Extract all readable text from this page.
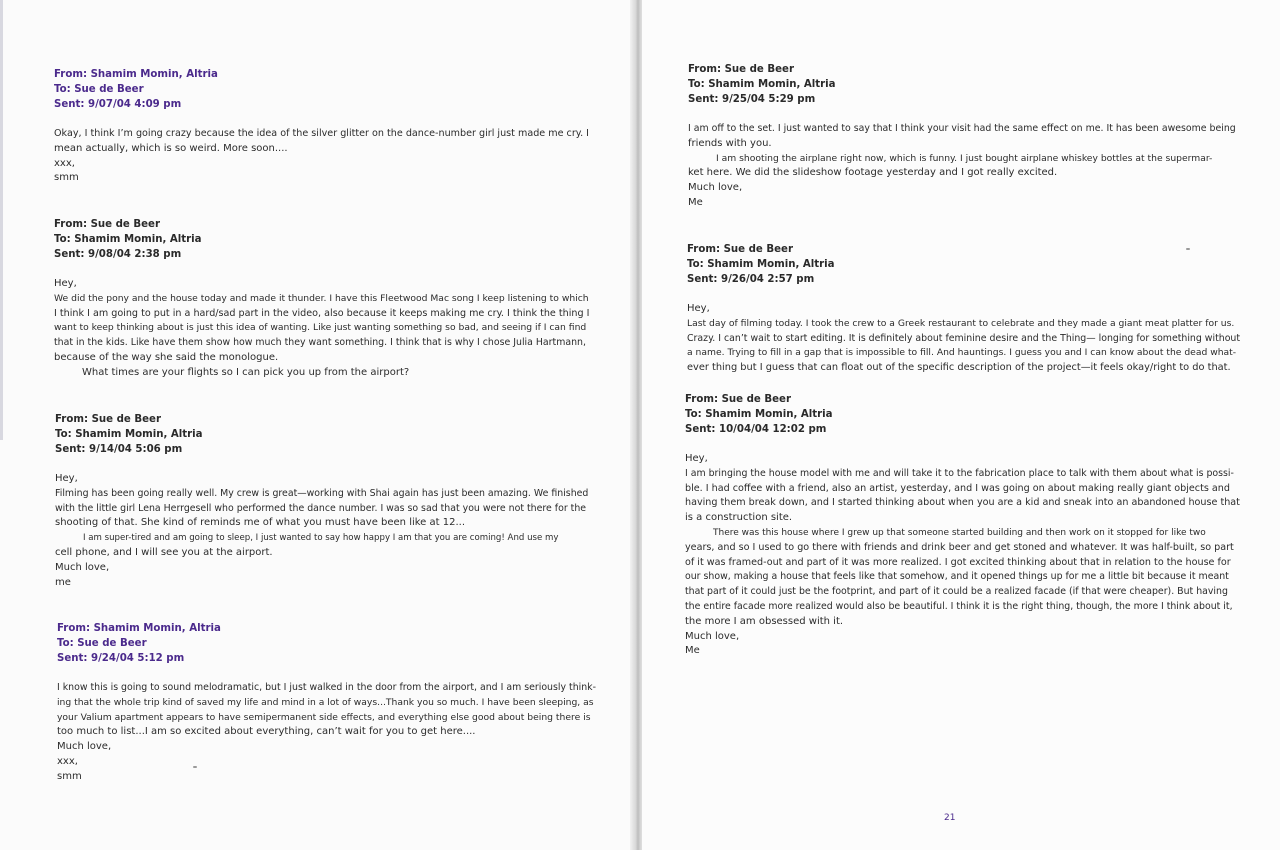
From: Shamim Momin, Altria
To: Sue de Beer
Sent: 9/07/04 4:09 pm

Okay, I think I’m going crazy because the idea of the silver glitter on the dance-number girl just made me cry. I

mean actually, which is so weird. More soon....

xxx,

smm

From: Sue de Beer
To: Shamim Momin, Altria
Sent: 9/08/04 2:38 pm

Hey,

We did the pony and the house today and made it thunder. I have this Fleetwood Mac song I keep listening to which

I think I am going to put in a hard/sad part in the video, also because it keeps making me cry. I think the thing I

want to keep thinking about is just this idea of wanting. Like just wanting something so bad, and seeing if I can find

that in the kids. Like have them show how much they want something. I think that is why I chose Julia Hartmann,

because of the way she said the monologue.

What times are your flights so I can pick you up from the airport?

From: Sue de Beer
To: Shamim Momin, Altria
Sent: 9/14/04 5:06 pm

Hey,

Filming has been going really well. My crew is great—working with Shai again has just been amazing. We finished

with the little girl Lena Herrgesell who performed the dance number. I was so sad that you were not there for the

shooting of that. She kind of reminds me of what you must have been like at 12...

I am super-tired and am going to sleep, I just wanted to say how happy I am that you are coming! And use my

cell phone, and I will see you at the airport.

Much love,

me

From: Shamim Momin, Altria
To: Sue de Beer
Sent: 9/24/04 5:12 pm

I know this is going to sound melodramatic, but I just walked in the door from the airport, and I am seriously think-

ing that the whole trip kind of saved my life and mind in a lot of ways...Thank you so much. I have been sleeping, as

your Valium apartment appears to have semipermanent side effects, and everything else good about being there is

too much to list...I am so excited about everything, can’t wait for you to get here....

Much love,

xxx,

smm

From: Sue de Beer
To: Shamim Momin, Altria
Sent: 9/25/04 5:29 pm

I am off to the set. I just wanted to say that I think your visit had the same effect on me. It has been awesome being

friends with you.

I am shooting the airplane right now, which is funny. I just bought airplane whiskey bottles at the supermar-

ket here. We did the slideshow footage yesterday and I got really excited.

Much love,

Me

From: Sue de Beer
To: Shamim Momin, Altria
Sent: 9/26/04 2:57 pm

Hey,

Last day of filming today. I took the crew to a Greek restaurant to celebrate and they made a giant meat platter for us.

Crazy. I can’t wait to start editing. It is definitely about feminine desire and the Thing— longing for something without

a name. Trying to fill in a gap that is impossible to fill. And hauntings. I guess you and I can know about the dead what-

ever thing but I guess that can float out of the specific description of the project—it feels okay/right to do that.

From: Sue de Beer
To: Shamim Momin, Altria
Sent: 10/04/04 12:02 pm

Hey,

I am bringing the house model with me and will take it to the fabrication place to talk with them about what is possi-

ble. I had coffee with a friend, also an artist, yesterday, and I was going on about making really giant objects and

having them break down, and I started thinking about when you are a kid and sneak into an abandoned house that

is a construction site.

There was this house where I grew up that someone started building and then work on it stopped for like two

years, and so I used to go there with friends and drink beer and get stoned and whatever. It was half-built, so part

of it was framed-out and part of it was more realized. I got excited thinking about that in relation to the house for

our show, making a house that feels like that somehow, and it opened things up for me a little bit because it meant

that part of it could just be the footprint, and part of it could be a realized facade (if that were cheaper). But having

the entire facade more realized would also be beautiful. I think it is the right thing, though, the more I think about it,

the more I am obsessed with it.

Much love,

Me

21
